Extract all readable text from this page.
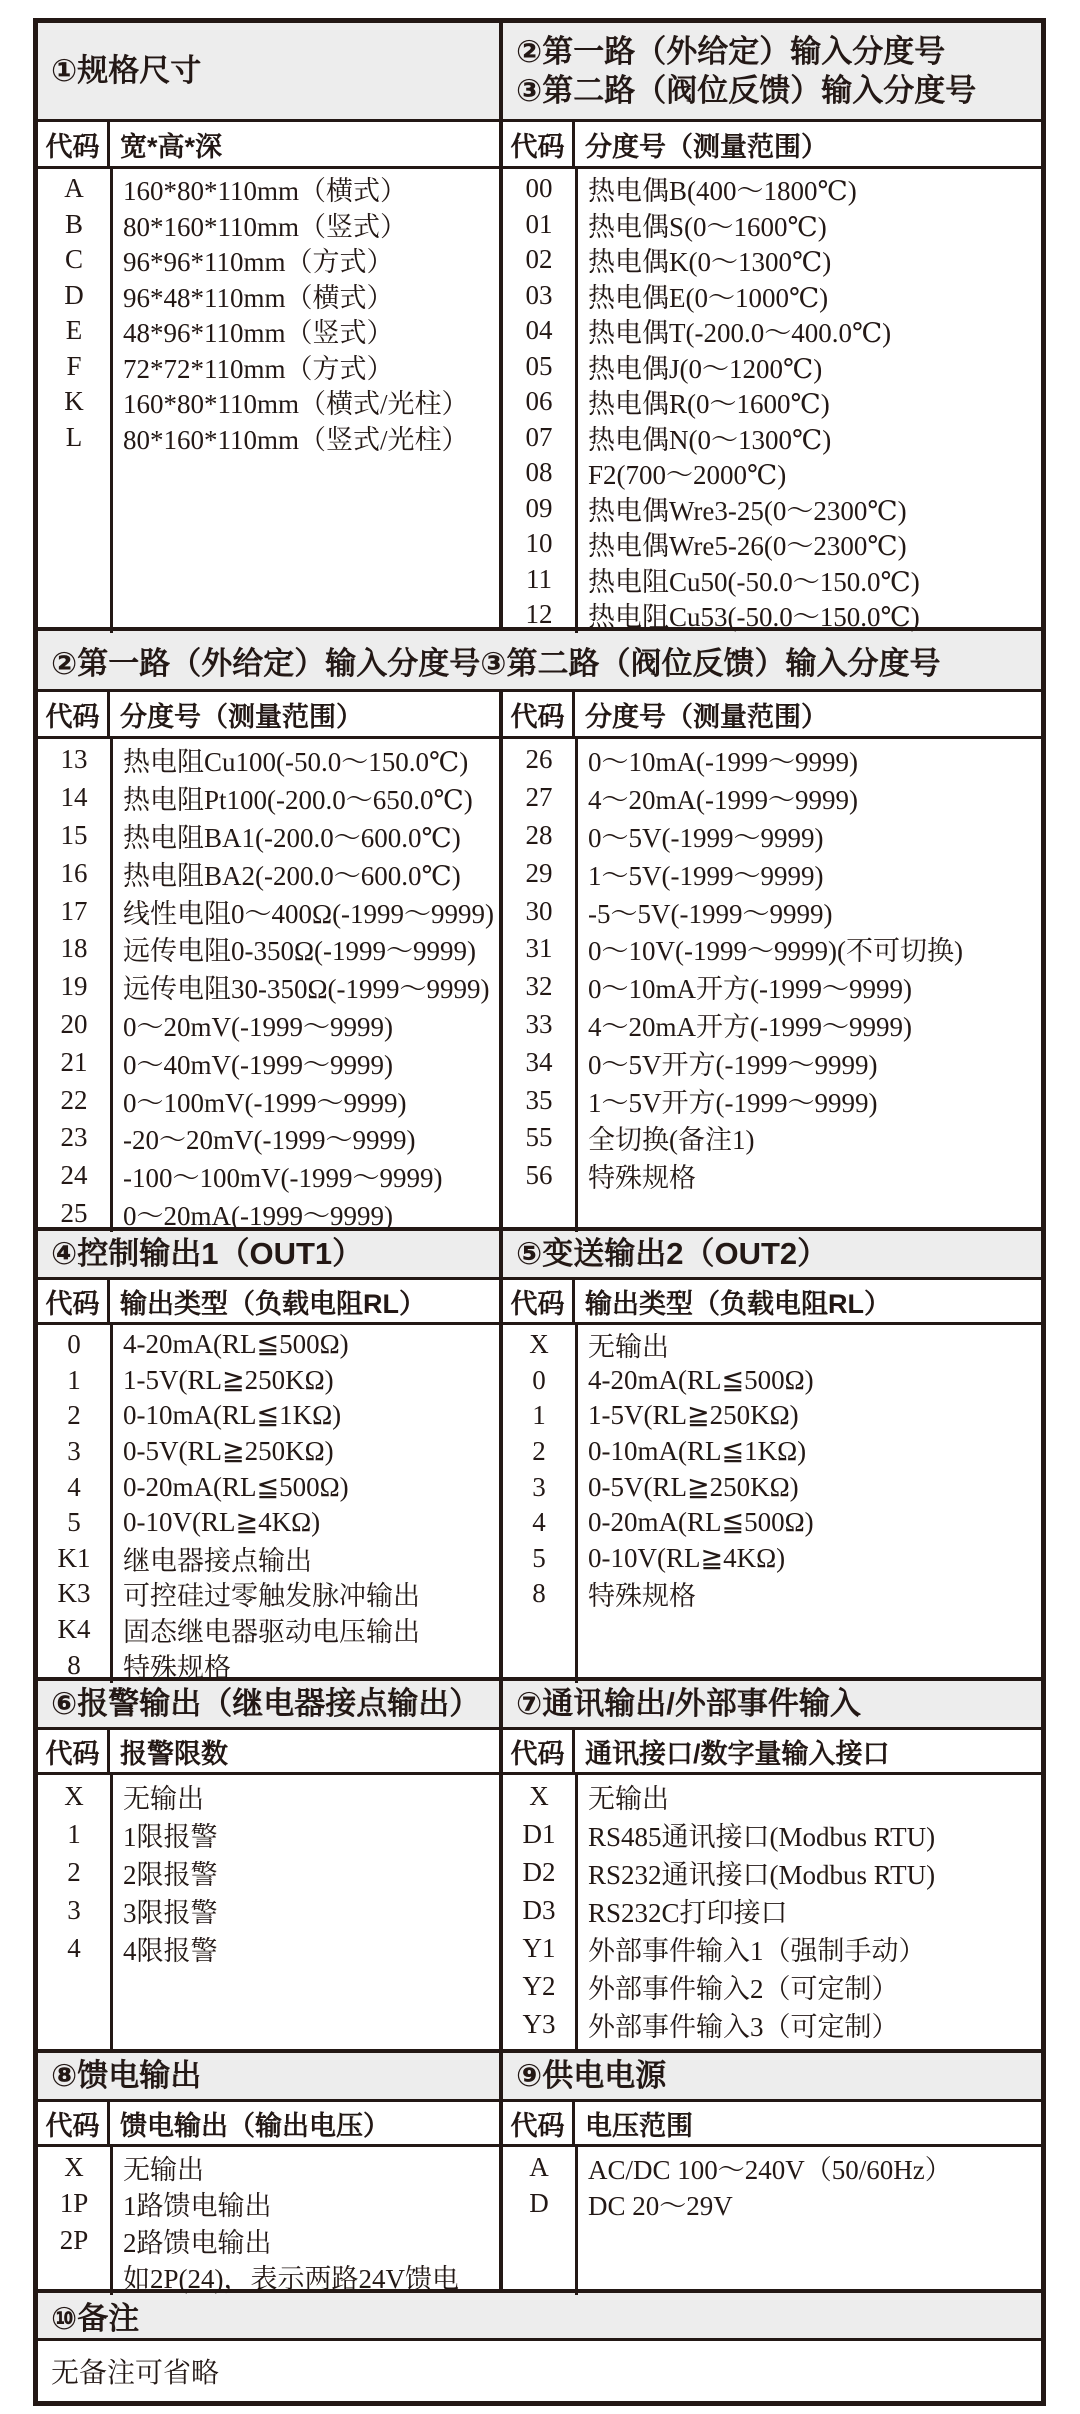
①规格尺寸
代码 宽*高*深
A	160*80*110mm（横式）
B	80*160*110mm（竖式）
C	96*96*110mm（方式）
D	96*48*110mm（横式）
E	48*96*110mm（竖式）
F	72*72*110mm（方式）
K	160*80*110mm（横式/光柱）
L	80*160*110mm（竖式/光柱）
②第一路（外给定）输入分度号
③第二路（阀位反馈）输入分度号
代码 分度号（测量范围）
00	热电偶B(400～1800℃)
01	热电偶S(0～1600℃)
02	热电偶K(0～1300℃)
03	热电偶E(0～1000℃)
04	热电偶T(-200.0～400.0℃)
05	热电偶J(0～1200℃)
06	热电偶R(0～1600℃)
07	热电偶N(0～1300℃)
08	F2(700～2000℃)
09	热电偶Wre3-25(0～2300℃)
10	热电偶Wre5-26(0～2300℃)
11	热电阻Cu50(-50.0～150.0℃)
12	热电阻Cu53(-50.0～150.0℃)
②第一路（外给定）输入分度号③第二路（阀位反馈）输入分度号
代码 分度号（测量范围）
13	热电阻Cu100(-50.0～150.0℃)
14	热电阻Pt100(-200.0～650.0℃)
15	热电阻BA1(-200.0～600.0℃)
16	热电阻BA2(-200.0～600.0℃)
17	线性电阻0～400Ω(-1999～9999)
18	远传电阻0-350Ω(-1999～9999)
19	远传电阻30-350Ω(-1999～9999)
20	0～20mV(-1999～9999)
21	0～40mV(-1999～9999)
22	0～100mV(-1999～9999)
23	-20～20mV(-1999～9999)
24	-100～100mV(-1999～9999)
25	0～20mA(-1999～9999)
代码 分度号（测量范围）
26	0～10mA(-1999～9999)
27	4～20mA(-1999～9999)
28	0～5V(-1999～9999)
29	1～5V(-1999～9999)
30	-5～5V(-1999～9999)
31	0～10V(-1999～9999)(不可切换)
32	0～10mA开方(-1999～9999)
33	4～20mA开方(-1999～9999)
34	0～5V开方(-1999～9999)
35	1～5V开方(-1999～9999)
55	全切换(备注1)
56	特殊规格
④控制输出1（OUT1）
代码 输出类型（负载电阻RL）
0	4-20mA(RL≦500Ω)
1	1-5V(RL≧250KΩ)
2	0-10mA(RL≦1KΩ)
3	0-5V(RL≧250KΩ)
4	0-20mA(RL≦500Ω)
5	0-10V(RL≧4KΩ)
K1	继电器接点输出
K3	可控硅过零触发脉冲输出
K4	固态继电器驱动电压输出
8	特殊规格
⑤变送输出2（OUT2）
代码 输出类型（负载电阻RL）
X	无输出
0	4-20mA(RL≦500Ω)
1	1-5V(RL≧250KΩ)
2	0-10mA(RL≦1KΩ)
3	0-5V(RL≧250KΩ)
4	0-20mA(RL≦500Ω)
5	0-10V(RL≧4KΩ)
8	特殊规格
⑥报警输出（继电器接点输出）
代码 报警限数
X	无输出
1	1限报警
2	2限报警
3	3限报警
4	4限报警
⑦通讯输出/外部事件输入
代码 通讯接口/数字量输入接口
X	无输出
D1	RS485通讯接口(Modbus RTU)
D2	RS232通讯接口(Modbus RTU)
D3	RS232C打印接口
Y1	外部事件输入1（强制手动）
Y2	外部事件输入2（可定制）
Y3	外部事件输入3（可定制）
⑧馈电输出
代码 馈电输出（输出电压）
X	无输出
1P	1路馈电输出
2P	2路馈电输出
如2P(24)，表示两路24V馈电
⑨供电电源
代码 电压范围
A	AC/DC 100～240V（50/60Hz）
D	DC 20～29V
⑩备注
无备注可省略
